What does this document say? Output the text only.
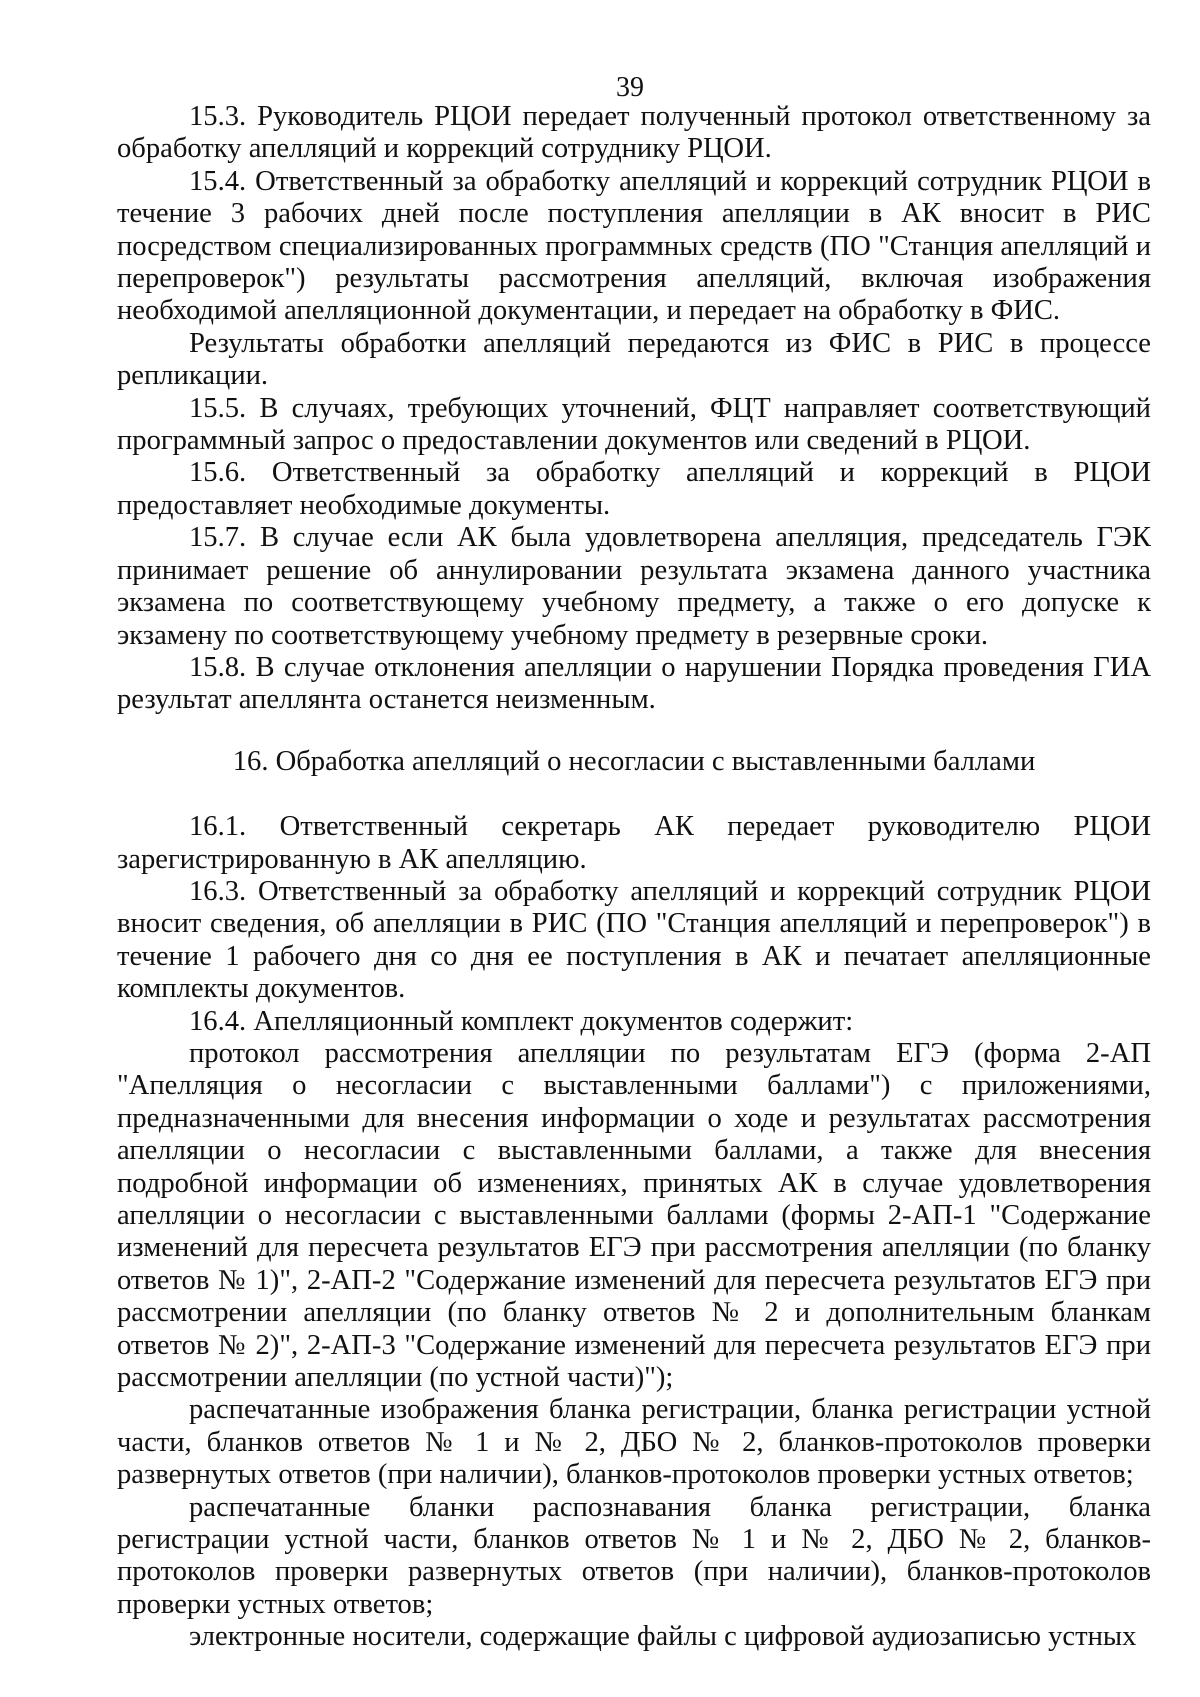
39

15.3. Руководитель РЦОИ передает полученный протокол ответственному за обработку апелляций и коррекций сотруднику РЦОИ.

15.4. Ответственный за обработку апелляций и коррекций сотрудник РЦОИ в течение 3 рабочих дней после поступления апелляции в АК вносит в РИС посредством специализированных программных средств (ПО "Станция апелляций и перепроверок") результаты рассмотрения апелляций, включая изображения необходимой апелляционной документации, и передает на обработку в ФИС.

Результаты обработки апелляций передаются из ФИС в РИС в процессе репликации.

15.5. В случаях, требующих уточнений, ФЦТ направляет соответствующий программный запрос о предоставлении документов или сведений в РЦОИ.

15.6. Ответственный за обработку апелляций и коррекций в РЦОИ предоставляет необходимые документы.

15.7. В случае если АК была удовлетворена апелляция, председатель ГЭК принимает решение об аннулировании результата экзамена данного участника экзамена по соответствующему учебному предмету, а также о его допуске к экзамену по соответствующему учебному предмету в резервные сроки.

15.8. В случае отклонения апелляции о нарушении Порядка проведения ГИА результат апеллянта останется неизменным.

16. Обработка апелляций о несогласии с выставленными баллами

16.1. Ответственный секретарь АК передает руководителю РЦОИ зарегистрированную в АК апелляцию.

16.3. Ответственный за обработку апелляций и коррекций сотрудник РЦОИ вносит сведения, об апелляции в РИС (ПО "Станция апелляций и перепроверок") в течение 1 рабочего дня со дня ее поступления в АК и печатает апелляционные комплекты документов.

16.4. Апелляционный комплект документов содержит:

протокол рассмотрения апелляции по результатам ЕГЭ (форма 2-АП "Апелляция о несогласии с выставленными баллами") с приложениями, предназначенными для внесения информации о ходе и результатах рассмотрения апелляции о несогласии с выставленными баллами, а также для внесения подробной информации об изменениях, принятых АК в случае удовлетворения апелляции о несогласии с выставленными баллами (формы 2-АП-1 "Содержание изменений для пересчета результатов ЕГЭ при рассмотрения апелляции (по бланку ответов № 1)", 2-АП-2 "Содержание изменений для пересчета результатов ЕГЭ при рассмотрении апелляции (по бланку ответов № 2 и дополнительным бланкам ответов № 2)", 2-АП-3 "Содержание изменений для пересчета результатов ЕГЭ при рассмотрении апелляции (по устной части)");

распечатанные изображения бланка регистрации, бланка регистрации устной части, бланков ответов № 1 и № 2, ДБО № 2, бланков-протоколов проверки развернутых ответов (при наличии), бланков-протоколов проверки устных ответов;

распечатанные бланки распознавания бланка регистрации, бланка регистрации устной части, бланков ответов № 1 и № 2, ДБО № 2, бланков-протоколов проверки развернутых ответов (при наличии), бланков-протоколов проверки устных ответов;

электронные носители, содержащие файлы с цифровой аудиозаписью устных
